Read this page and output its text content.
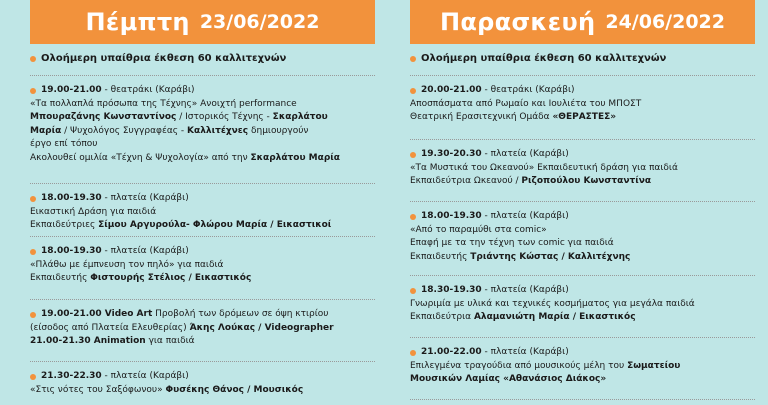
Πέμπτη 23/06/2022
Ολοήμερη υπαίθρια έκθεση 60 καλλιτεχνών
19.00-21.00 - θεατράκι (Καράβι)
«Τα πολλαπλά πρόσωπα της Τέχνης» Ανοιχτή performance
Μπουραζάνης Κωνσταντίνος / Ιστορικός Τέχνης - Σκαρλάτου
Μαρία / Ψυχολόγος Συγγραφέας - Καλλιτέχνες δημιουργούν
έργο επί τόπου
Ακολουθεί ομιλία «Τέχνη & Ψυχολογία» από την Σκαρλάτου Μαρία
18.00-19.30 - πλατεία (Καράβι)
Εικαστική Δράση για παιδιά
Εκπαιδεύτριες Σίμου Αργυρούλα- Φλώρου Μαρία / Εικαστικοί
18.00-19.30 - πλατεία (Καράβι)
«Πλάθω με έμπνευση τον πηλό» για παιδιά
Εκπαιδευτής Φιστουρής Στέλιος / Εικαστικός
19.00-21.00 Video Art Προβολή των δρόμεων σε όψη κτιρίου
(είσοδος από Πλατεία Ελευθερίας) Άκης Λούκας / Videographer
21.00-21.30 Animation για παιδιά
21.30-22.30 - πλατεία (Καράβι)
«Στις νότες του Σαξόφωνου» Φυσέκης Θάνος / Μουσικός
Παρασκευή 24/06/2022
Ολοήμερη υπαίθρια έκθεση 60 καλλιτεχνών
20.00-21.00 - θεατράκι (Καράβι)
Αποσπάσματα από Ρωμαίο και Ιουλιέτα του ΜΠΟΣΤ
Θεατρική Ερασιτεχνική Ομάδα «ΘΕΡΑΣΤΕΣ»
19.30-20.30 - πλατεία (Καράβι)
«Τα Μυστικά του Ωκεανού» Εκπαιδευτική δράση για παιδιά
Εκπαιδεύτρια Ωκεανού / Ριζοπούλου Κωνσταντίνα
18.00-19.30 - πλατεία (Καράβι)
«Από το παραμύθι στα comic»
Επαφή με τα την τέχνη των comic για παιδιά
Εκπαιδευτής Τριάντης Κώστας / Καλλιτέχνης
18.30-19.30 - πλατεία (Καράβι)
Γνωριμία με υλικά και τεχνικές κοσμήματος για μεγάλα παιδιά
Εκπαιδεύτρια Αλαμανιώτη Μαρία / Εικαστικός
21.00-22.00 - πλατεία (Καράβι)
Επιλεγμένα τραγούδια από μουσικούς μέλη του Σωματείου
Μουσικών Λαμίας «Αθανάσιος Διάκος»
